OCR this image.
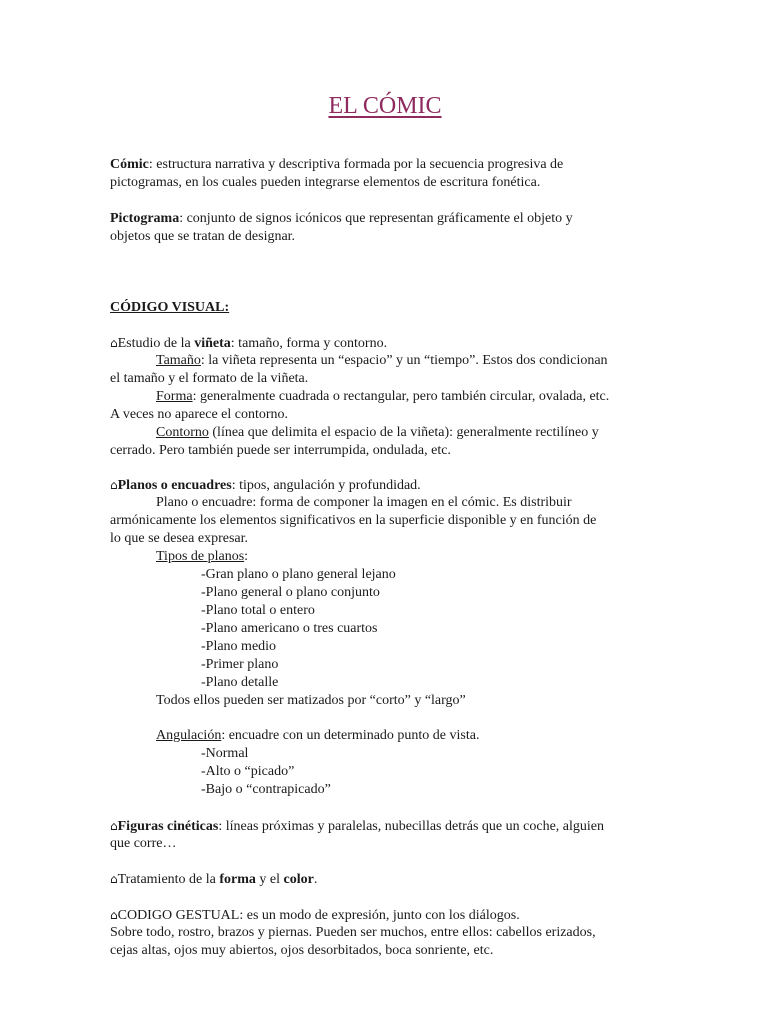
EL CÓMIC
Cómic: estructura narrativa y descriptiva formada por la secuencia progresiva de
pictogramas, en los cuales pueden integrarse elementos de escritura fonética.
Pictograma: conjunto de signos icónicos que representan gráficamente el objeto y
objetos que se tratan de designar.
CÓDIGO VISUAL:
⌂Estudio de la viñeta: tamaño, forma y contorno.
Tamaño: la viñeta representa un “espacio” y un “tiempo”. Estos dos condicionan
el tamaño y el formato de la viñeta.
Forma: generalmente cuadrada o rectangular, pero también circular, ovalada, etc.
A veces no aparece el contorno.
Contorno (línea que delimita el espacio de la viñeta): generalmente rectilíneo y
cerrado. Pero también puede ser interrumpida, ondulada, etc.
⌂Planos o encuadres: tipos, angulación y profundidad.
Plano o encuadre: forma de componer la imagen en el cómic. Es distribuir
armónicamente los elementos significativos en la superficie disponible y en función de
lo que se desea expresar.
Tipos de planos:
-Gran plano o plano general lejano
-Plano general o plano conjunto
-Plano total o entero
-Plano americano o tres cuartos
-Plano medio
-Primer plano
-Plano detalle
Todos ellos pueden ser matizados por “corto” y “largo”
Angulación: encuadre con un determinado punto de vista.
-Normal
-Alto o “picado”
-Bajo o “contrapicado”
⌂Figuras cinéticas: líneas próximas y paralelas, nubecillas detrás que un coche, alguien
que corre…
⌂Tratamiento de la forma y el color.
⌂CODIGO GESTUAL: es un modo de expresión, junto con los diálogos.
Sobre todo, rostro, brazos y piernas. Pueden ser muchos, entre ellos: cabellos erizados,
cejas altas, ojos muy abiertos, ojos desorbitados, boca sonriente, etc.
